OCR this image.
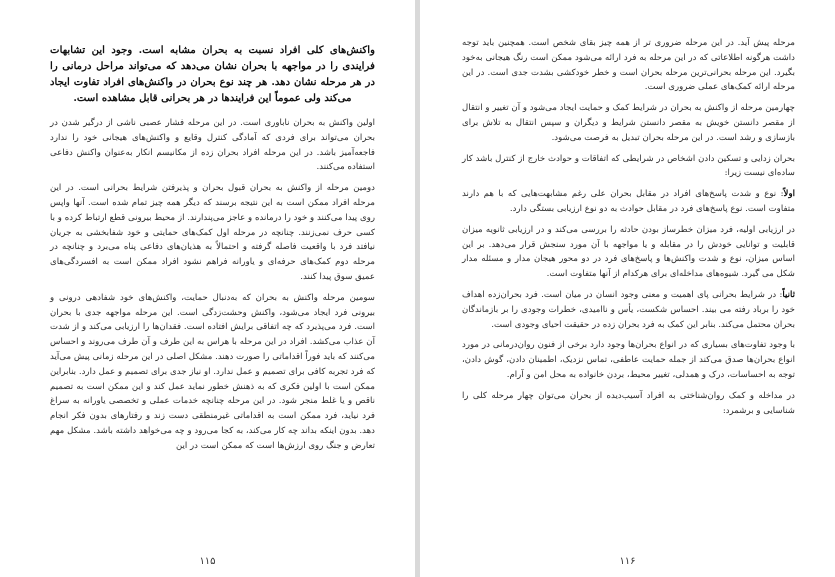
واکنش‌های کلی افراد نسبت به بحران مشابه است. وجود این تشابهات فرایندی را در مواجهه با بحران نشان می‌دهد که می‌تواند مراحل درمانی را در هر مرحله نشان دهد. هر چند نوع بحران در واکنش‌های افراد تفاوت ایجاد می‌کند ولی عموماً این فرایندها در هر بحرانی قابل مشاهده است.

اولین واکنش به بحران ناباوری است. در این مرحله فشار عصبی ناشی از درگیر شدن در بحران می‌تواند برای فردی که آمادگی کنترل وقایع و واکنش‌های هیجانی خود را ندارد فاجعه‌آمیز باشد. در این مرحله افراد بحران زده از مکانیسم انکار به‌عنوان واکنش دفاعی استفاده می‌کنند.

دومین مرحله از واکنش به بحران قبول بحران و پذیرفتن شرایط بحرانی است. در این مرحله افراد ممکن است به این نتیجه برسند که دیگر همه چیز تمام شده است. آنها واپس روی پیدا می‌کنند و خود را درمانده و عاجز می‌پندارند. از محیط بیرونی قطع ارتباط کرده و با کسی حرف نمی‌زنند. چنانچه در مرحله اول کمک‌های حمایتی و خود شفابخشی به جریان نیافتد فرد با واقعیت فاصله گرفته و احتمالاً به هذیان‌های دفاعی پناه می‌برد و چنانچه در مرحله دوم کمک‌های حرفه‌ای و یاورانه فراهم نشود افراد ممکن است به افسردگی‌های عمیق سوق پیدا کنند.

سومین مرحله واکنش به بحران که به‌دنبال حمایت، واکنش‌های خود شفادهی درونی و بیرونی فرد ایجاد می‌شود، واکنش وحشت‌زدگی است. این مرحله مواجهه جدی با بحران است. فرد می‌پذیرد که چه اتفاقی برایش افتاده است. فقدان‌ها را ارزیابی می‌کند و از شدت آن عذاب می‌کشد. افراد در این مرحله با هراس به این طرف و آن طرف می‌روند و احساس می‌کنند که باید فوراً اقداماتی را صورت دهند. مشکل اصلی در این مرحله زمانی پیش می‌آید که فرد تجربه کافی برای تصمیم و عمل ندارد. او نیاز جدی برای تصمیم و عمل دارد. بنابراین ممکن است با اولین فکری که به ذهنش خطور نماید عمل کند و این ممکن است به تصمیم ناقص و یا غلط منجر شود. در این مرحله چنانچه خدمات عملی و تخصصی یاورانه به سراغ فرد نیاید، فرد ممکن است به اقداماتی غیرمنطقی دست زند و رفتارهای بدون فکر انجام دهد. بدون اینکه بداند چه کار می‌کند، به کجا می‌رود و چه می‌خواهد داشته باشد. مشکل مهم تعارض و جنگ روی ارزش‌ها است که ممکن است در این

۱۱۵

مرحله پیش آید. در این مرحله ضروری تر از همه چیز بقای شخص است. همچنین باید توجه داشت هرگونه اطلاعاتی که در این مرحله به فرد ارائه می‌شود ممکن است رنگ هیجانی به‌خود بگیرد. این مرحله بحرانی‌ترین مرحله بحران است و خطر خودکشی بشدت جدی است. در این مرحله ارائه کمک‌های عملی ضروری است.

چهارمین مرحله از واکنش به بحران در شرایط کمک و حمایت ایجاد می‌شود و آن تغییر و انتقال از مقصر دانستن خویش به مقصر دانستن شرایط و دیگران و سپس انتقال به تلاش برای بازسازی و رشد است. در این مرحله بحران تبدیل به فرصت می‌شود.

بحران زدایی و تسکین دادن اشخاص در شرایطی که اتفاقات و حوادث خارج از کنترل باشد کار ساده‌ای نیست زیرا:

اولاً: نوع و شدت پاسخ‌های افراد در مقابل بحران علی رغم مشابهت‌هایی که با هم دارند متفاوت است. نوع پاسخ‌های فرد در مقابل حوادث به دو نوع ارزیابی بستگی دارد.

در ارزیابی اولیه، فرد میزان خطرساز بودن حادثه را بررسی می‌کند و در ارزیابی ثانویه میزان قابلیت و توانایی خودش را در مقابله و یا مواجهه با آن مورد سنجش قرار می‌دهد. بر این اساس میزان، نوع و شدت واکنش‌ها و پاسخ‌های فرد در دو محور هیجان مدار و مسئله مدار شکل می گیرد. شیوه‌های مداخله‌ای برای هرکدام از آنها متفاوت است.

ثانیاً: در شرایط بحرانی پای اهمیت و معنی وجود انسان در میان است. فرد بحران‌زده اهداف خود را برباد رفته می بیند. احساس شکست، یأس و ناامیدی، خطرات وجودی را بر بازماندگان بحران محتمل می‌کند. بنابر این کمک به فرد بحران زده در حقیقت احیای وجودی است.

با وجود تفاوت‌های بسیاری که در انواع بحران‌ها وجود دارد برخی از فنون روان‌درمانی در مورد انواع بحران‌ها صدق می‌کند از جمله حمایت عاطفی، تماس نزدیک، اطمینان دادن، گوش دادن، توجه به احساسات، درک و همدلی، تغییر محیط، بردن خانواده به محل امن و آرام.

در مداخله و کمک روان‌شناختی به افراد آسیب‌دیده از بحران می‌توان چهار مرحله کلی را شناسایی و برشمرد:

۱۱۶
